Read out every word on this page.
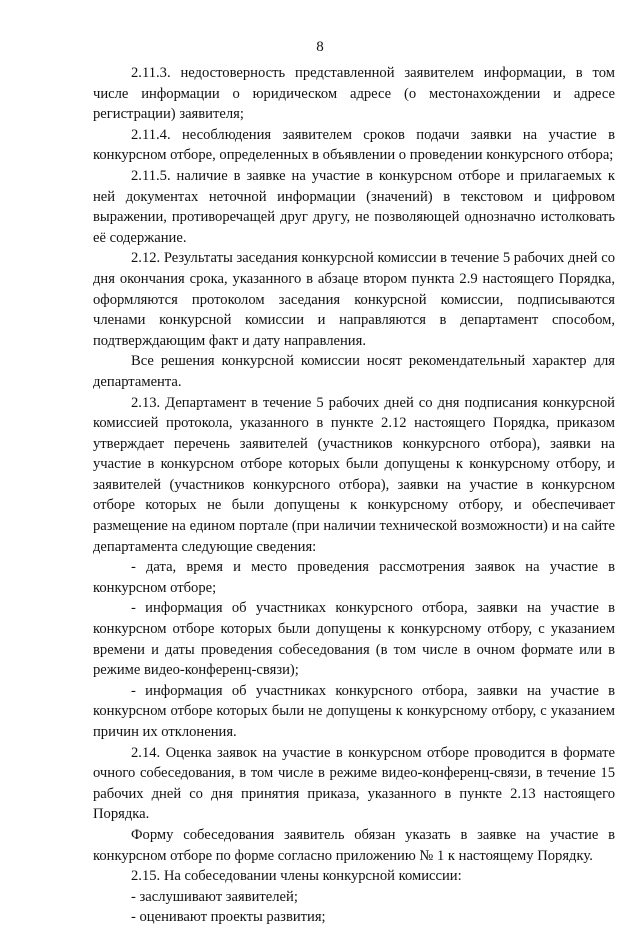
8

2.11.3. недостоверность представленной заявителем информации, в том числе информации о юридическом адресе (о местонахождении и адресе регистрации) заявителя;

2.11.4. несоблюдения заявителем сроков подачи заявки на участие в конкурсном отборе, определенных в объявлении о проведении конкурсного отбора;

2.11.5. наличие в заявке на участие в конкурсном отборе и прилагаемых к ней документах неточной информации (значений) в текстовом и цифровом выражении, противоречащей друг другу, не позволяющей однозначно истолковать её содержание.

2.12. Результаты заседания конкурсной комиссии в течение 5 рабочих дней со дня окончания срока, указанного в абзаце втором пункта 2.9 настоящего Порядка, оформляются протоколом заседания конкурсной комиссии, подписываются членами конкурсной комиссии и направляются в департамент способом, подтверждающим факт и дату направления.

Все решения конкурсной комиссии носят рекомендательный характер для департамента.

2.13. Департамент в течение 5 рабочих дней со дня подписания конкурсной комиссией протокола, указанного в пункте 2.12 настоящего Порядка, приказом утверждает перечень заявителей (участников конкурсного отбора), заявки на участие в конкурсном отборе которых были допущены к конкурсному отбору, и заявителей (участников конкурсного отбора), заявки на участие в конкурсном отборе которых не были допущены к конкурсному отбору, и обеспечивает размещение на едином портале (при наличии технической возможности) и на сайте департамента следующие сведения:

- дата, время и место проведения рассмотрения заявок на участие в конкурсном отборе;

- информация об участниках конкурсного отбора, заявки на участие в конкурсном отборе которых были допущены к конкурсному отбору, с указанием времени и даты проведения собеседования (в том числе в очном формате или в режиме видео-конференц-связи);

- информация об участниках конкурсного отбора, заявки на участие в конкурсном отборе которых были не допущены к конкурсному отбору, с указанием причин их отклонения.

2.14. Оценка заявок на участие в конкурсном отборе проводится в формате очного собеседования, в том числе в режиме видео-конференц-связи, в течение 15 рабочих дней со дня принятия приказа, указанного в пункте 2.13 настоящего Порядка.

Форму собеседования заявитель обязан указать в заявке на участие в конкурсном отборе по форме согласно приложению № 1 к настоящему Порядку.

2.15. На собеседовании члены конкурсной комиссии:

- заслушивают заявителей;

- оценивают проекты развития;
